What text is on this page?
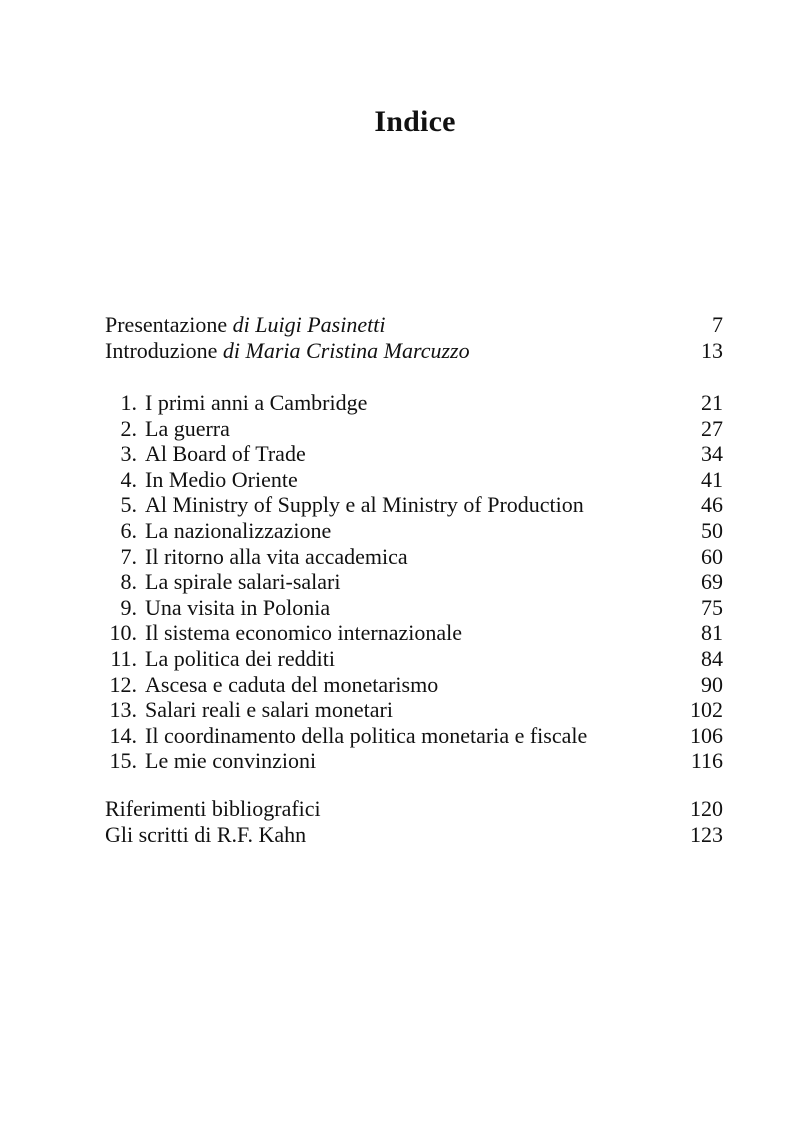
Indice
Presentazione di Luigi Pasinetti	7
Introduzione di Maria Cristina Marcuzzo	13
1. I primi anni a Cambridge	21
2. La guerra	27
3. Al Board of Trade	34
4. In Medio Oriente	41
5. Al Ministry of Supply e al Ministry of Production	46
6. La nazionalizzazione	50
7. Il ritorno alla vita accademica	60
8. La spirale salari-salari	69
9. Una visita in Polonia	75
10. Il sistema economico internazionale	81
11. La politica dei redditi	84
12. Ascesa e caduta del monetarismo	90
13. Salari reali e salari monetari	102
14. Il coordinamento della politica monetaria e fiscale	106
15. Le mie convinzioni	116
Riferimenti bibliografici	120
Gli scritti di R.F. Kahn	123
